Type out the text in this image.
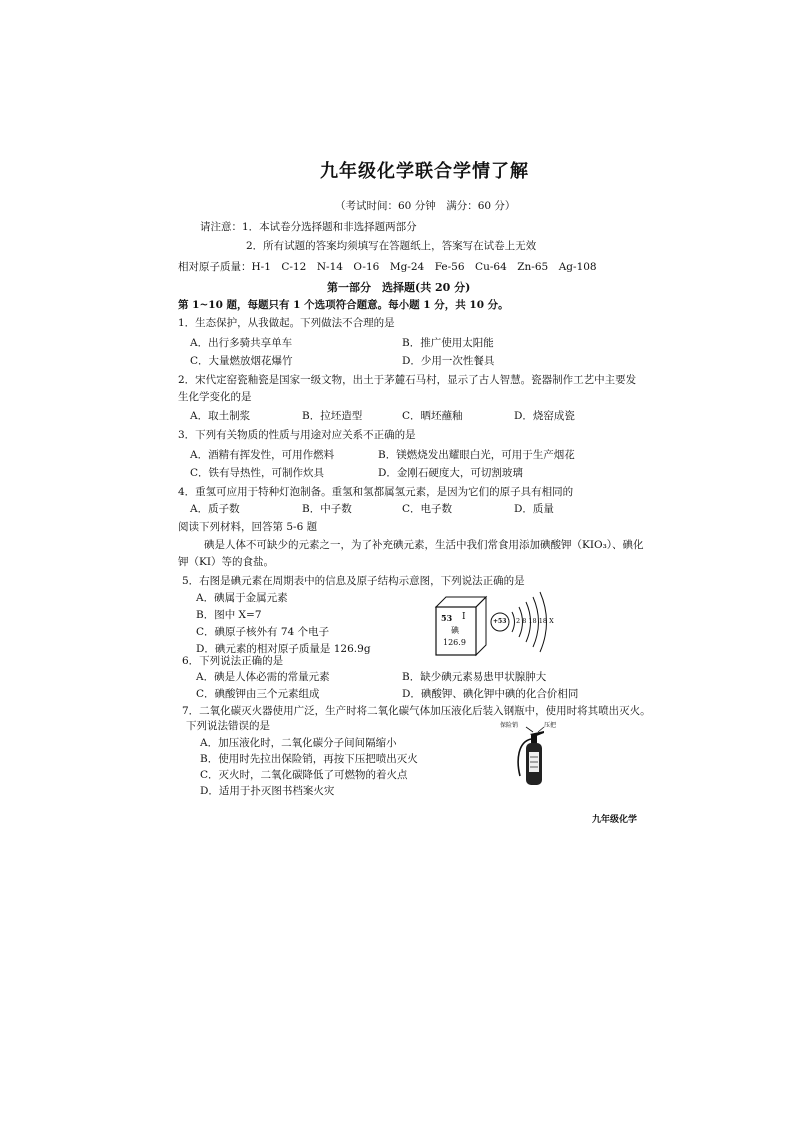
九年级化学联合学情了解
（考试时间：60 分钟　满分：60 分）
请注意：1．本试卷分选择题和非选择题两部分
2．所有试题的答案均须填写在答题纸上，答案写在试卷上无效
相对原子质量：H-1　C-12　N-14　O-16　Mg-24　Fe-56　Cu-64　Zn-65　Ag-108
第一部分　选择题(共 20 分)
第 1~10 题，每题只有 1 个选项符合题意。每小题 1 分，共 10 分。
1．生态保护，从我做起。下列做法不合理的是
A．出行多骑共享单车	B．推广使用太阳能
C．大量燃放烟花爆竹	D．少用一次性餐具
2．宋代定窑瓷釉瓷是国家一级文物，出土于茅麓石马村，显示了古人智慧。瓷器制作工艺中主要发
生化学变化的是
A．取土制浆	B．拉坯造型	C．晒坯蘸釉	D．烧窑成瓷
3．下列有关物质的性质与用途对应关系不正确的是
A．酒精有挥发性，可用作燃料	B．镁燃烧发出耀眼白光，可用于生产烟花
C．铁有导热性，可制作炊具	D．金刚石硬度大，可切割玻璃
4．重氢可应用于特种灯泡制备。重氢和氢都属氢元素，是因为它们的原子具有相同的
A．质子数	B．中子数	C．电子数	D．质量
阅读下列材料，回答第 5-6 题
碘是人体不可缺少的元素之一，为了补充碘元素，生活中我们常食用添加碘酸钾（KIO₃）、碘化
钾（KI）等的食盐。
5．右图是碘元素在周期表中的信息及原子结构示意图，下列说法正确的是
A．碘属于金属元素
B．图中 X=7
C．碘原子核外有 74 个电子
D．碘元素的相对原子质量是 126.9g
53 I
碘
126.9
+53 2 8 18 18 X
6．下列说法正确的是
A．碘是人体必需的常量元素	B．缺少碘元素易患甲状腺肿大
C．碘酸钾由三个元素组成	D．碘酸钾、碘化钾中碘的化合价相同
7．二氧化碳灭火器使用广泛，生产时将二氧化碳气体加压液化后装入钢瓶中，使用时将其喷出灭火。
下列说法错误的是
A．加压液化时，二氧化碳分子间间隔缩小
B．使用时先拉出保险销，再按下压把喷出灭火
C．灭火时，二氧化碳降低了可燃物的着火点
D．适用于扑灭图书档案火灾
保险销	压把
九年级化学
